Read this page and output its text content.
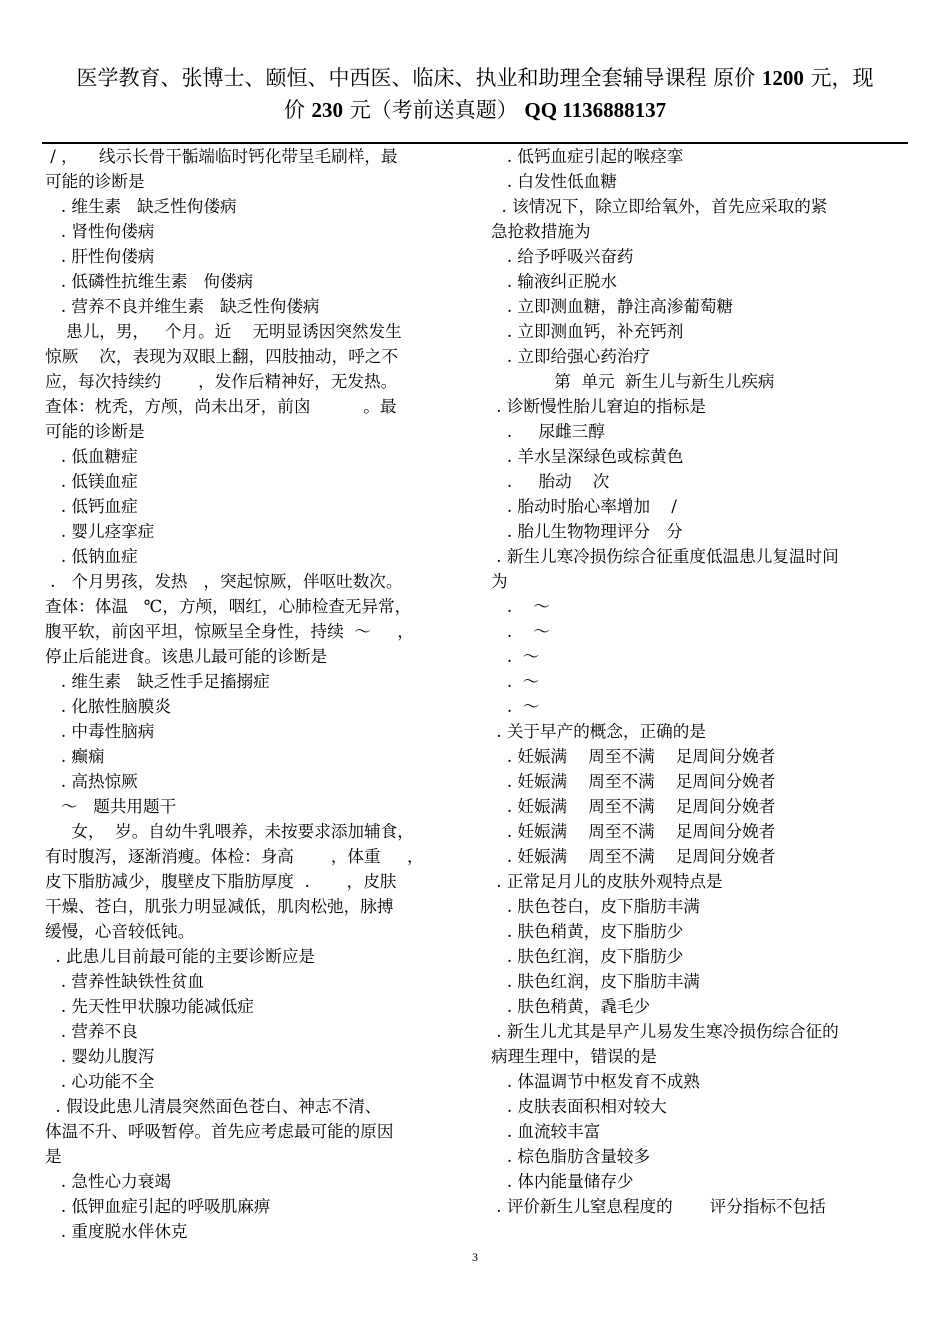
医学教育、张博士、颐恒、中西医、临床、执业和助理全套辅导课程 原价 1200 元，现
价 230 元（考前送真题） QQ 1136888137
/ ，    线示长骨干骺端临时钙化带呈毛刷样，最
可能的诊断是
. 维生素   缺乏性佝偻病
. 肾性佝偻病
. 肝性佝偻病
. 低磷性抗维生素   佝偻病
. 营养不良并维生素   缺乏性佝偻病
患儿，男，   个月。近    无明显诱因突然发生
惊厥    次，表现为双眼上翻，四肢抽动，呼之不
应，每次持续约       ，发作后精神好，无发热。
查体：枕秃，方颅，尚未出牙，前囟          。最
可能的诊断是
. 低血糖症
. 低镁血症
. 低钙血症
. 婴儿痉挛症
. 低钠血症
.   个月男孩，发热   ，突起惊厥，伴呕吐数次。
查体：体温   ℃，方颅，咽红，心肺检查无异常，
腹平软，前囟平坦，惊厥呈全身性，持续  ～     ，
停止后能进食。该患儿最可能的诊断是
. 维生素   缺乏性手足搐搦症
. 化脓性脑膜炎
. 中毒性脑病
. 癫痫
. 高热惊厥
～   题共用题干
女，  岁。自幼牛乳喂养，未按要求添加辅食，
有时腹泻，逐渐消瘦。体检：身高       ，体重     ，
皮下脂肪减少，腹壁皮下脂肪厚度  .       ，皮肤
干燥、苍白，肌张力明显减低，肌肉松弛，脉搏
缓慢，心音较低钝。
. 此患儿目前最可能的主要诊断应是
. 营养性缺铁性贫血
. 先天性甲状腺功能减低症
. 营养不良
. 婴幼儿腹泻
. 心功能不全
. 假设此患儿清晨突然面色苍白、神志不清、
体温不升、呼吸暂停。首先应考虑最可能的原因
是
. 急性心力衰竭
. 低钾血症引起的呼吸肌麻痹
. 重度脱水伴休克
. 低钙血症引起的喉痉挛
. 白发性低血糖
. 该情况下，除立即给氧外，首先应采取的紧
急抢救措施为
. 给予呼吸兴奋药
. 输液纠正脱水
. 立即测血糖，静注高渗葡萄糖
. 立即测血钙，补充钙剂
. 立即给强心药治疗
第  单元  新生儿与新生儿疾病
. 诊断慢性胎儿窘迫的指标是
.     尿雌三醇
. 羊水呈深绿色或棕黄色
.     胎动    次
. 胎动时胎心率增加    /
. 胎儿生物物理评分   分
. 新生儿寒冷损伤综合征重度低温患儿复温时间
为
.    ～
.    ～
.  ～
.  ～
.  ～
. 关于早产的概念，正确的是
. 妊娠满    周至不满    足周间分娩者
. 妊娠满    周至不满    足周间分娩者
. 妊娠满    周至不满    足周间分娩者
. 妊娠满    周至不满    足周间分娩者
. 妊娠满    周至不满    足周间分娩者
. 正常足月儿的皮肤外观特点是
. 肤色苍白，皮下脂肪丰满
. 肤色稍黄，皮下脂肪少
. 肤色红润，皮下脂肪少
. 肤色红润，皮下脂肪丰满
. 肤色稍黄，毳毛少
. 新生儿尤其是早产儿易发生寒冷损伤综合征的
病理生理中，错误的是
. 体温调节中枢发育不成熟
. 皮肤表面积相对较大
. 血流较丰富
. 棕色脂肪含量较多
. 体内能量储存少
. 评价新生儿窒息程度的       评分指标不包括
3
